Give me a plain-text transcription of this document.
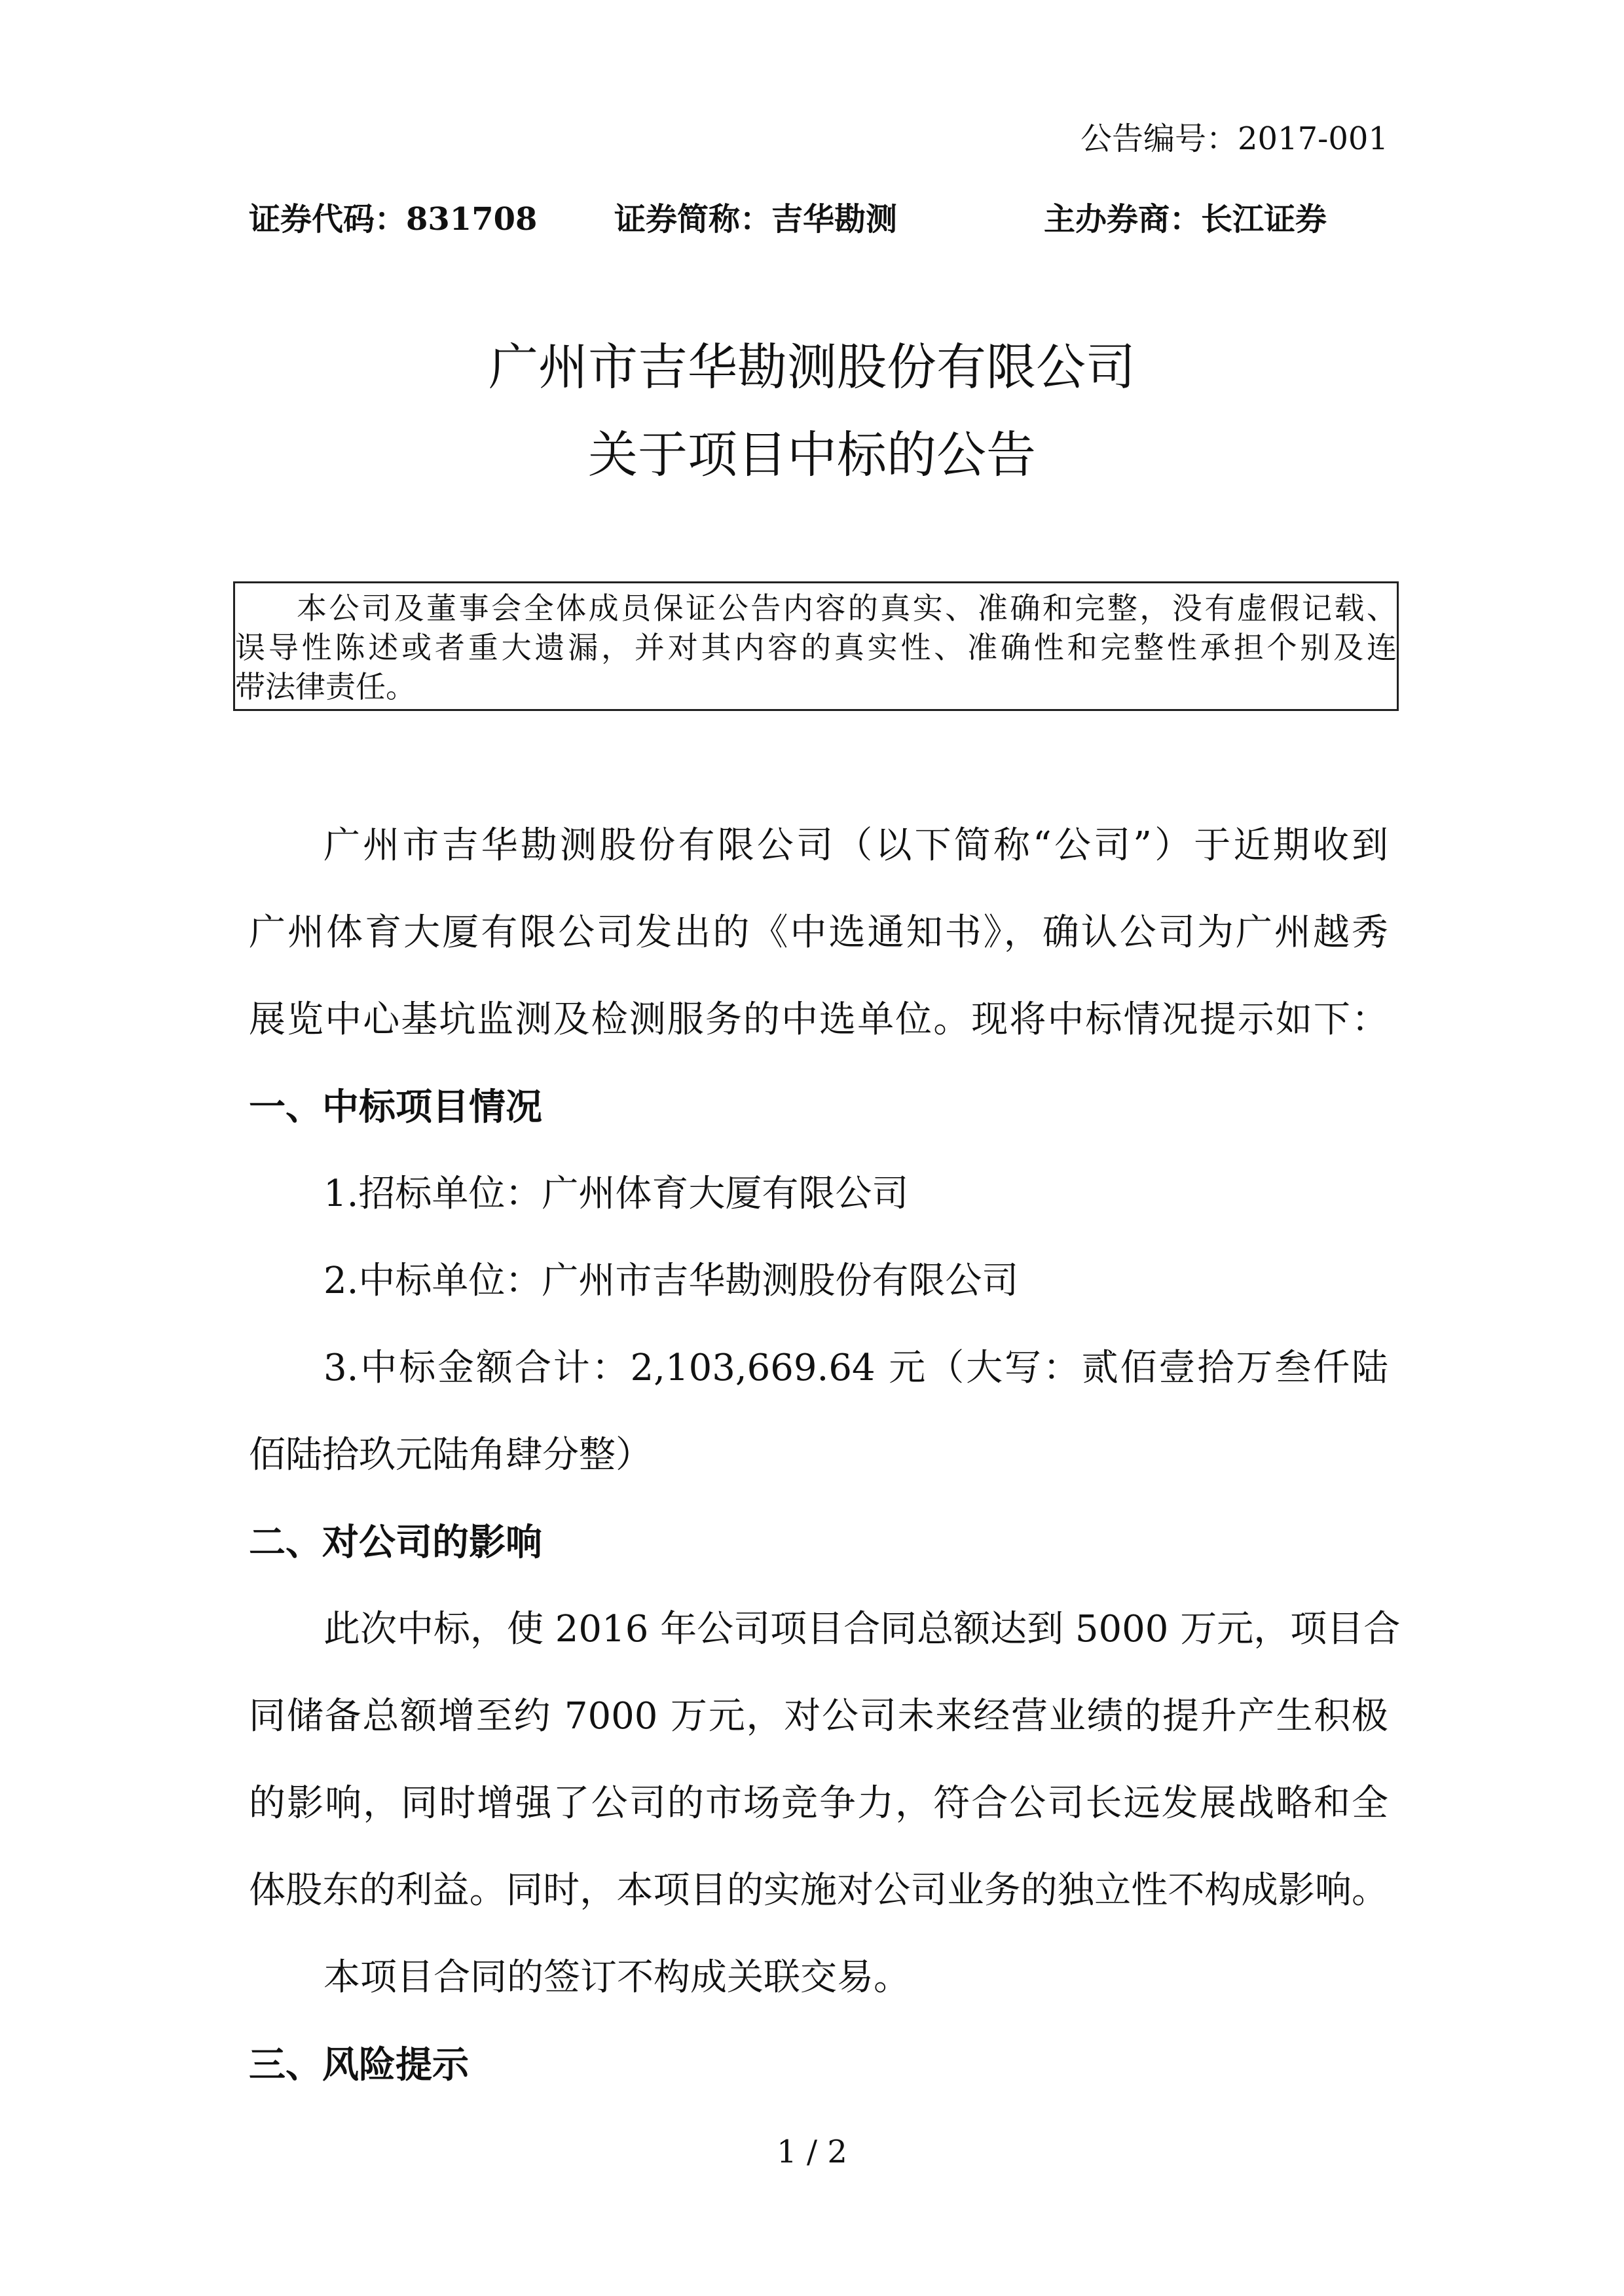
公告编号：2017-001
证券代码：831708 证券简称：吉华勘测	主办券商：长江证券
广州市吉华勘测股份有限公司
关于项目中标的公告
本公司及董事会全体成员保证公告内容的真实、准确和完整，没有虚假记载、
误导性陈述或者重大遗漏，并对其内容的真实性、准确性和完整性承担个别及连
带法律责任。
广州市吉华勘测股份有限公司（以下简称“公司”）于近期收到
广州体育大厦有限公司发出的《中选通知书》，确认公司为广州越秀
展览中心基坑监测及检测服务的中选单位。现将中标情况提示如下：
一、中标项目情况
1.招标单位：广州体育大厦有限公司
2.中标单位：广州市吉华勘测股份有限公司
3.中标金额合计：2,103,669.64 元（大写：贰佰壹拾万叁仟陆
佰陆拾玖元陆角肆分整）
二、对公司的影响
此次中标，使 2016 年公司项目合同总额达到 5000 万元，项目合
同储备总额增至约 7000 万元，对公司未来经营业绩的提升产生积极
的影响，同时增强了公司的市场竞争力，符合公司长远发展战略和全
体股东的利益。同时，本项目的实施对公司业务的独立性不构成影响。
本项目合同的签订不构成关联交易。
三、风险提示
1 / 2
